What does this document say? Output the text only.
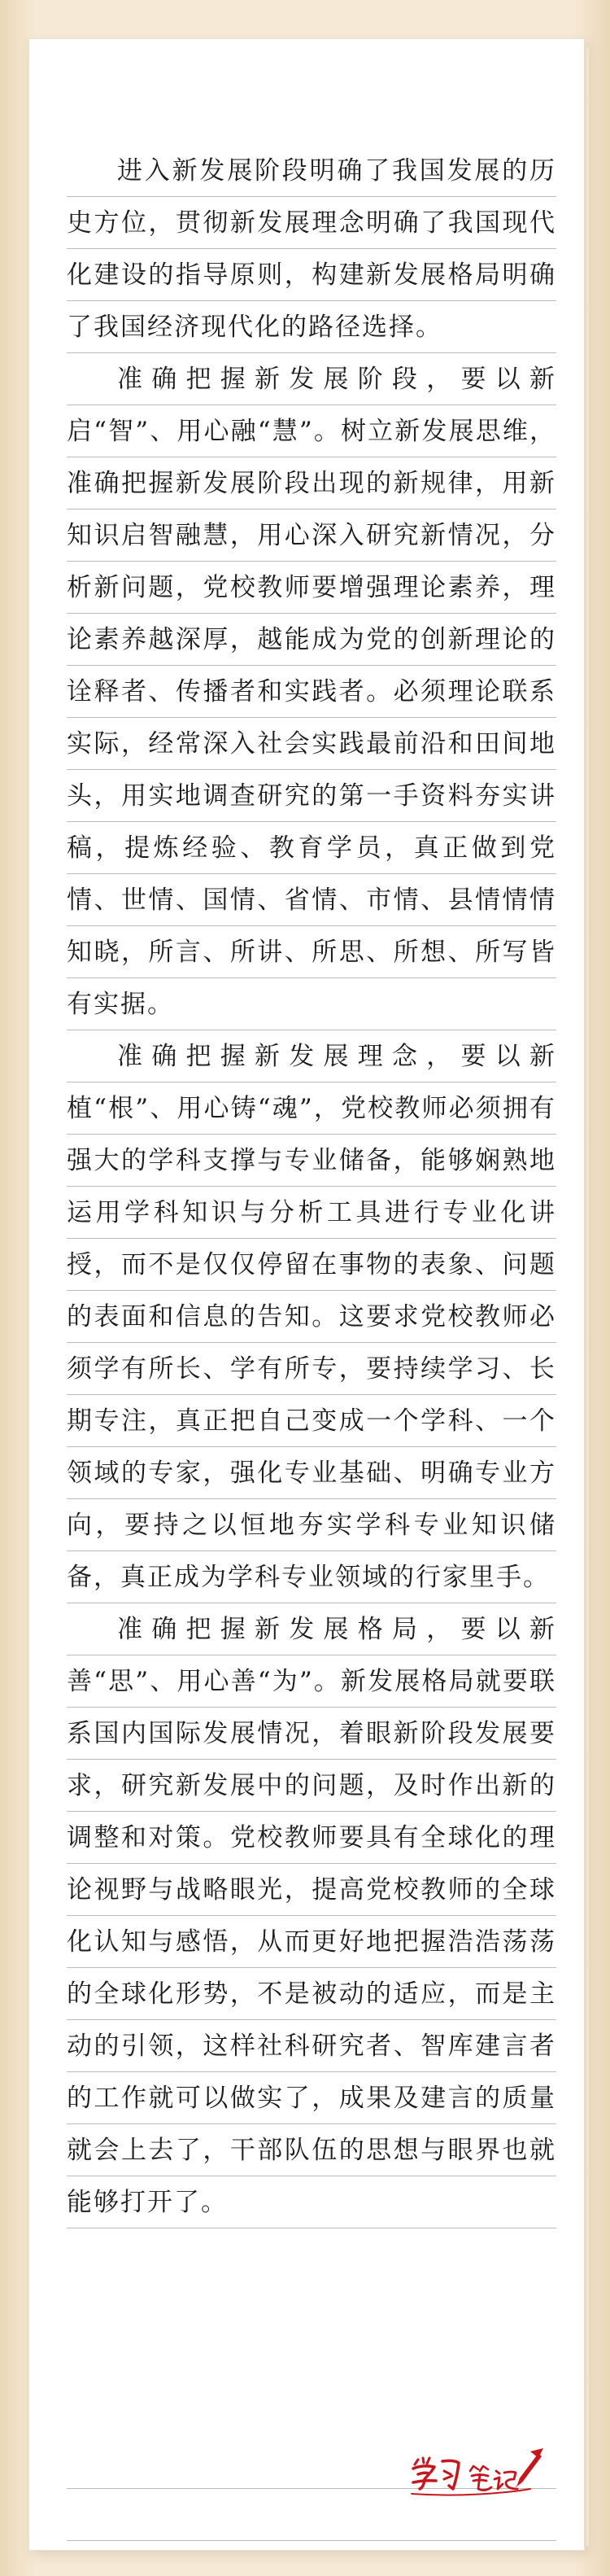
进入新发展阶段明确了我国发展的历史方位，贯彻新发展理念明确了我国现代化建设的指导原则，构建新发展格局明确了我国经济现代化的路径选择。

准确把握新发展阶段，要以新启“智”、用心融“慧”。树立新发展思维，准确把握新发展阶段出现的新规律，用新知识启智融慧，用心深入研究新情况，分析新问题，党校教师要增强理论素养，理论素养越深厚，越能成为党的创新理论的诠释者、传播者和实践者。必须理论联系实际，经常深入社会实践最前沿和田间地头，用实地调查研究的第一手资料夯实讲稿，提炼经验、教育学员，真正做到党情、世情、国情、省情、市情、县情情情知晓，所言、所讲、所思、所想、所写皆有实据。

准确把握新发展理念，要以新植“根”、用心铸“魂”，党校教师必须拥有强大的学科支撑与专业储备，能够娴熟地运用学科知识与分析工具进行专业化讲授，而不是仅仅停留在事物的表象、问题的表面和信息的告知。这要求党校教师必须学有所长、学有所专，要持续学习、长期专注，真正把自己变成一个学科、一个领域的专家，强化专业基础、明确专业方向，要持之以恒地夯实学科专业知识储备，真正成为学科专业领域的行家里手。

准确把握新发展格局，要以新善“思”、用心善“为”。新发展格局就要联系国内国际发展情况，着眼新阶段发展要求，研究新发展中的问题，及时作出新的调整和对策。党校教师要具有全球化的理论视野与战略眼光，提高党校教师的全球化认知与感悟，从而更好地把握浩浩荡荡的全球化形势，不是被动的适应，而是主动的引领，这样社科研究者、智库建言者的工作就可以做实了，成果及建言的质量就会上去了，干部队伍的思想与眼界也就能够打开了。
